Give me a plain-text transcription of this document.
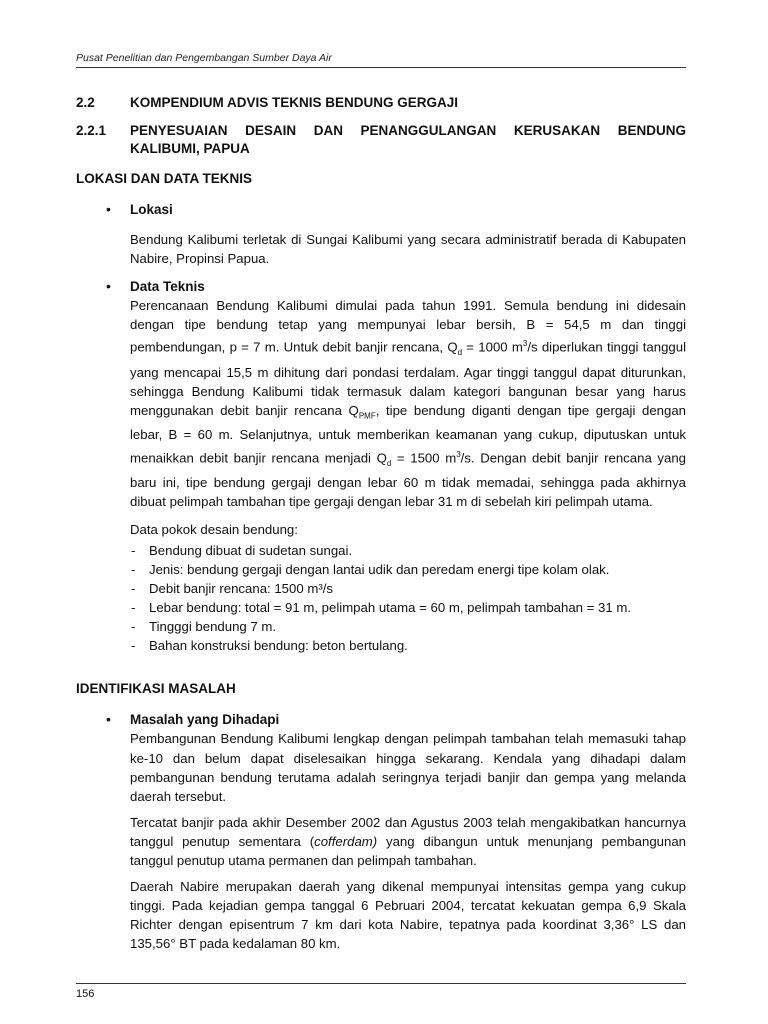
Pusat Penelitian dan Pengembangan Sumber Daya Air
2.2	KOMPENDIUM ADVIS TEKNIS BENDUNG GERGAJI
2.2.1	PENYESUAIAN DESAIN DAN PENANGGULANGAN KERUSAKAN BENDUNG KALIBUMI, PAPUA
LOKASI DAN DATA TEKNIS
• Lokasi

Bendung Kalibumi terletak di Sungai Kalibumi yang secara administratif berada di Kabupaten Nabire, Propinsi Papua.

• Data Teknis

Perencanaan Bendung Kalibumi dimulai pada tahun 1991. Semula bendung ini didesain dengan tipe bendung tetap yang mempunyai lebar bersih, B = 54,5 m dan tinggi pembendungan, p = 7 m. Untuk debit banjir rencana, $Q_d = 1000$ $m^3/s$ diperlukan tinggi tanggul yang mencapai 15,5 m dihitung dari pondasi terdalam. Agar tinggi tanggul dapat diturunkan, sehingga Bendung Kalibumi tidak termasuk dalam kategori bangunan besar yang harus menggunakan debit banjir rencana $Q_{PMF}$, tipe bendung diganti dengan tipe gergaji dengan lebar, B = 60 m. Selanjutnya, untuk memberikan keamanan yang cukup, diputuskan untuk menaikkan debit banjir rencana menjadi $Q_d = 1500$ $m^3/s$. Dengan debit banjir rencana yang baru ini, tipe bendung gergaji dengan lebar 60 m tidak memadai, sehingga pada akhirnya dibuat pelimpah tambahan tipe gergaji dengan lebar 31 m di sebelah kiri pelimpah utama.

Data pokok desain bendung:

- Bendung dibuat di sudetan sungai.
- Jenis: bendung gergaji dengan lantai udik dan peredam energi tipe kolam olak.
- Debit banjir rencana: 1500 m³/s
- Lebar bendung: total = 91 m, pelimpah utama = 60 m, pelimpah tambahan = 31 m.
- Tingggi bendung 7 m.
- Bahan konstruksi bendung: beton bertulang.
IDENTIFIKASI MASALAH
• Masalah yang Dihadapi

Pembangunan Bendung Kalibumi lengkap dengan pelimpah tambahan telah memasuki tahap ke-10 dan belum dapat diselesaikan hingga sekarang. Kendala yang dihadapi dalam pembangunan bendung terutama adalah seringnya terjadi banjir dan gempa yang melanda daerah tersebut.

Tercatat banjir pada akhir Desember 2002 dan Agustus 2003 telah mengakibatkan hancurnya tanggul penutup sementara (cofferdam) yang dibangun untuk menunjang pembangunan tanggul penutup utama permanen dan pelimpah tambahan.

Daerah Nabire merupakan daerah yang dikenal mempunyai intensitas gempa yang cukup tinggi. Pada kejadian gempa tanggal 6 Pebruari 2004, tercatat kekuatan gempa 6,9 Skala Richter dengan episentrum 7 km dari kota Nabire, tepatnya pada koordinat 3,36° LS dan 135,56° BT pada kedalaman 80 km.

156
